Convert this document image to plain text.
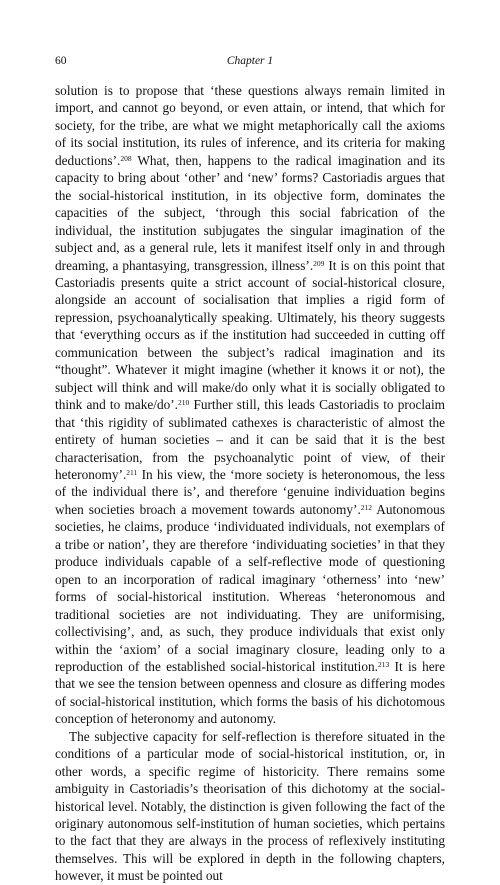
60	Chapter 1

solution is to propose that ‘these questions always remain limited in import, and cannot go beyond, or even attain, or intend, that which for society, for the tribe, are what we might metaphorically call the axioms of its social institution, its rules of inference, and its criteria for making deductions’.$^{208}$ What, then, happens to the radical imagination and its capacity to bring about ‘other’ and ‘new’ forms? Castoriadis argues that the social-historical institution, in its objective form, dominates the capacities of the subject, ‘through this social fabrication of the individual, the institution subjugates the singular imagination of the subject and, as a general rule, lets it manifest itself only in and through dreaming, a phantasying, transgression, illness’.$^{209}$ It is on this point that Castoriadis presents quite a strict account of social-historical closure, alongside an account of socialisation that implies a rigid form of repression, psychoanalytically speaking. Ultimately, his theory suggests that ‘everything occurs as if the institution had succeeded in cutting off communication between the subject’s radical imagination and its “thought”. Whatever it might imagine (whether it knows it or not), the subject will think and will make/do only what it is socially obligated to think and to make/do’.$^{210}$ Further still, this leads Castoriadis to proclaim that ‘this rigidity of sublimated cathexes is characteristic of almost the entirety of human societies – and it can be said that it is the best characterisation, from the psychoanalytic point of view, of their heteronomy’.$^{211}$ In his view, the ‘more society is heteronomous, the less of the individual there is’, and therefore ‘genuine individuation begins when societies broach a movement towards autonomy’.$^{212}$ Autonomous societies, he claims, produce ‘individuated individuals, not exemplars of a tribe or nation’, they are therefore ‘individuating societies’ in that they produce individuals capable of a self-reflective mode of questioning open to an incorporation of radical imaginary ‘otherness’ into ‘new’ forms of social-historical institution. Whereas ‘heteronomous and traditional societies are not individuating. They are uniformising, collectivising’, and, as such, they produce individuals that exist only within the ‘axiom’ of a social imaginary closure, leading only to a reproduction of the established social-historical institution.$^{213}$ It is here that we see the tension between openness and closure as differing modes of social-historical institution, which forms the basis of his dichotomous conception of heteronomy and autonomy.

The subjective capacity for self-reflection is therefore situated in the conditions of a particular mode of social-historical institution, or, in other words, a specific regime of historicity. There remains some ambiguity in Castoriadis’s theorisation of this dichotomy at the social-historical level. Notably, the distinction is given following the fact of the originary autonomous self-institution of human societies, which pertains to the fact that they are always in the process of reflexively instituting themselves. This will be explored in depth in the following chapters, however, it must be pointed out
